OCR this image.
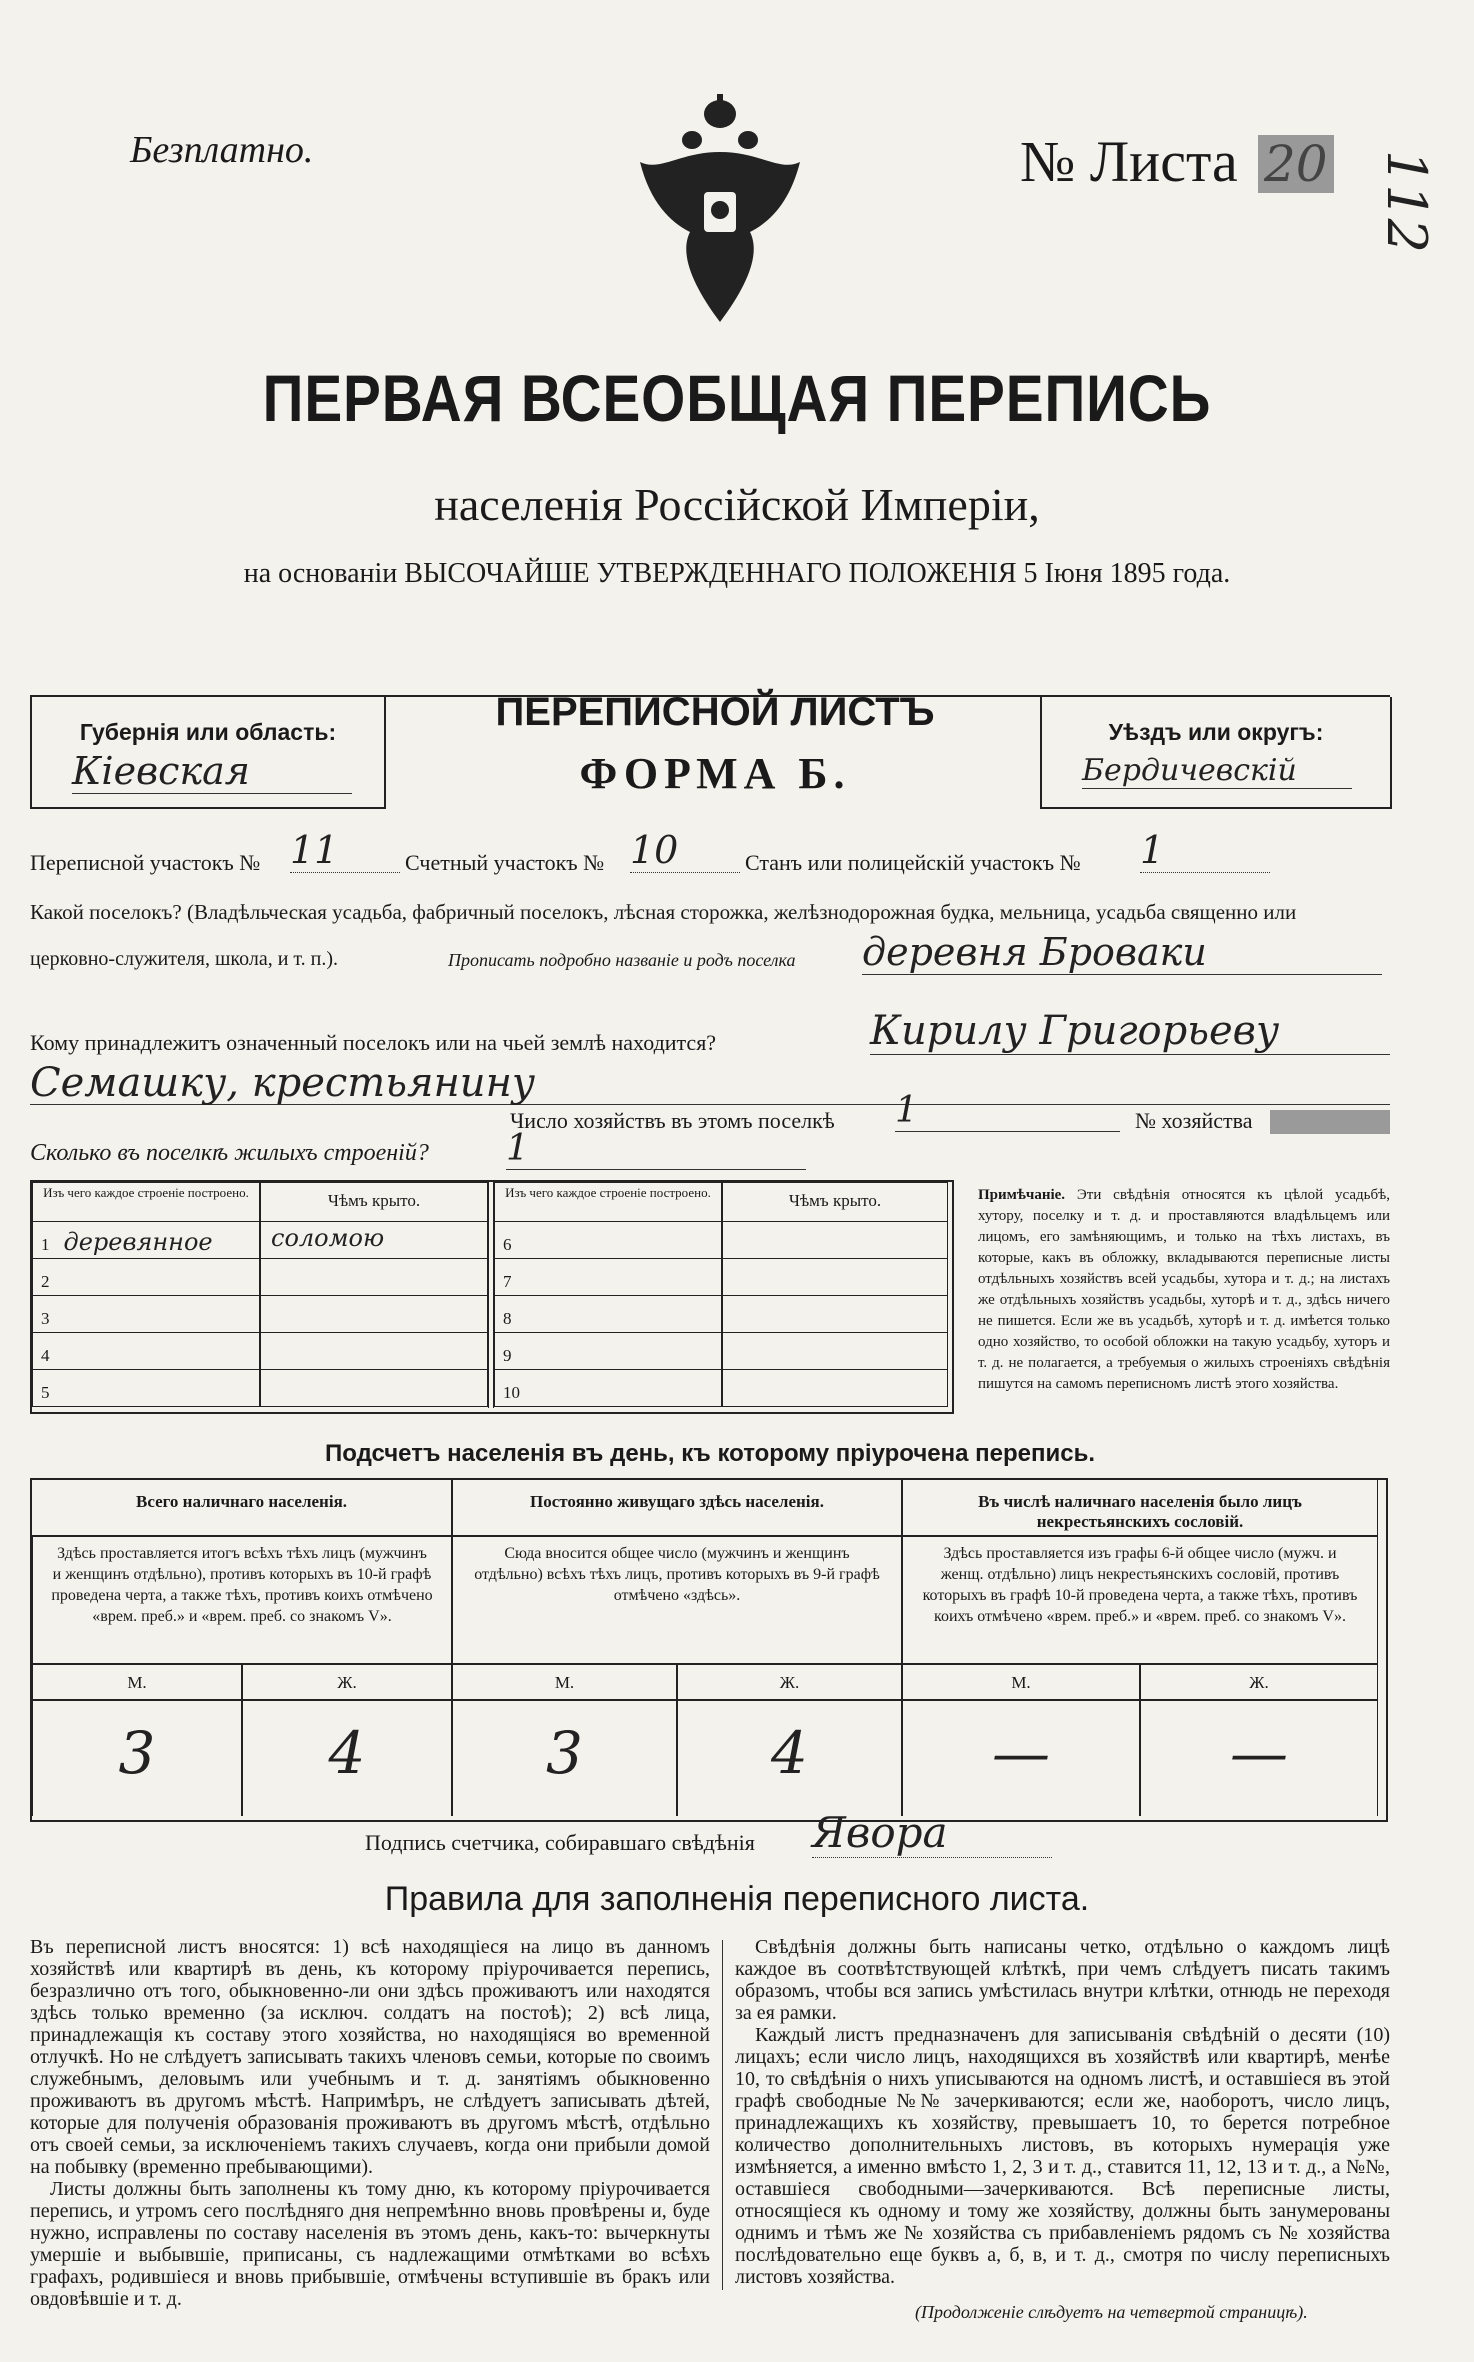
Безплатно.	№ Листа 20 112
ПЕРВАЯ ВСЕОБЩАЯ ПЕРЕПИСЬ
населенія Россійской Имперіи,
на основаніи ВЫСОЧАЙШЕ УТВЕРЖДЕННАГО ПОЛОЖЕНІЯ 5 Іюня 1895 года.
Губернія или область:
Кіевская
ПЕРЕПИСНОЙ ЛИСТЪ
ФОРМА Б.
Уѣздъ или округъ:
Бердичевскій
Переписной участокъ № 11	Счетный участокъ № 10	Станъ или полицейскій участокъ № 1
Какой поселокъ? (Владѣльческая усадьба, фабричный поселокъ, лѣсная сторожка, желѣзнодорожная будка, мельница, усадьба священно или
церковно-служителя, школа, и т. п.).	Прописать подробно названіе и родъ поселка деревня Броваки
Кому принадлежитъ означенный поселокъ или на чьей землѣ находится?	Кирилу Григорьеву
Семашку, крестьянину
Число хозяйствъ въ этомъ поселкѣ 1	№ хозяйства
Сколько въ поселкѣ жилыхъ строеній? 1
Изъ чего каждое строеніе построено.	Чѣмъ крыто.
1 деревянное	соломою
2
3
4
5
Изъ чего каждое строеніе построено.	Чѣмъ крыто.
6
7
8
9
10
Примѣчаніе. Эти свѣдѣнія относятся къ цѣлой усадьбѣ, хутору, поселку и т. д. и проставляются владѣльцемъ или лицомъ, его замѣняющимъ, и только на тѣхъ листахъ, въ которые, какъ въ обложку, вкладываются переписные листы отдѣльныхъ хозяйствъ всей усадьбы, хутора и т. д.; на листахъ же отдѣльныхъ хозяйствъ усадьбы, хуторѣ и т. д., здѣсь ничего не пишется. Если же въ усадьбѣ, хуторѣ и т. д. имѣется только одно хозяйство, то особой обложки на такую усадьбу, хуторъ и т. д. не полагается, а требуемыя о жилыхъ строеніяхъ свѣдѣнія пишутся на самомъ переписномъ листѣ этого хозяйства.
Подсчетъ населенія въ день, къ которому пріурочена перепись.
Всего наличнаго населенія.
Здѣсь проставляется итогъ всѣхъ тѣхъ лицъ (мужчинъ и женщинъ отдѣльно), противъ которыхъ въ 10-й графѣ проведена черта, а также тѣхъ, противъ коихъ отмѣчено «врем. преб.» и «врем. преб. со знакомъ V».
М.	Ж.
3	4
Постоянно живущаго здѣсь населенія.
Сюда вносится общее число (мужчинъ и женщинъ отдѣльно) всѣхъ тѣхъ лицъ, противъ которыхъ въ 9-й графѣ отмѣчено «здѣсь».
М.	Ж.
3	4
Въ числѣ наличнаго населенія было лицъ некрестьянскихъ сословій.
Здѣсь проставляется изъ графы 6-й общее число (мужч. и женщ. отдѣльно) лицъ некрестьянскихъ сословій, противъ которыхъ въ графѣ 10-й проведена черта, а также тѣхъ, противъ коихъ отмѣчено «врем. преб.» и «врем. преб. со знакомъ V».
М.	Ж.
—	—
Подпись счетчика, собиравшаго свѣдѣнія Явора
Правила для заполненія переписного листа.
Въ переписной листъ вносятся: 1) всѣ находящіеся на лицо въ данномъ хозяйствѣ или квартирѣ въ день, къ которому пріурочивается перепись, безразлично отъ того, обыкновенно-ли они здѣсь проживаютъ или находятся здѣсь только временно (за исключ. солдатъ на постоѣ); 2) всѣ лица, принадлежащія къ составу этого хозяйства, но находящіяся во временной отлучкѣ. Но не слѣдуетъ записывать такихъ членовъ семьи, которые по своимъ служебнымъ, деловымъ или учебнымъ и т. д. занятіямъ обыкновенно проживаютъ въ другомъ мѣстѣ. Напримѣръ, не слѣдуетъ записывать дѣтей, которые для полученія образованія проживаютъ въ другомъ мѣстѣ, отдѣльно отъ своей семьи, за исключеніемъ такихъ случаевъ, когда они прибыли домой на побывку (временно пребывающими).
Листы должны быть заполнены къ тому дню, къ которому пріурочивается перепись, и утромъ сего послѣдняго дня непремѣнно вновь провѣрены и, буде нужно, исправлены по составу населенія въ этомъ день, какъ-то: вычеркнуты умершіе и выбывшіе, приписаны, съ надлежащими отмѣтками во всѣхъ графахъ, родившіеся и вновь прибывшіе, отмѣчены вступившіе въ бракъ или овдовѣвшіе и т. д.
Свѣдѣнія должны быть написаны четко, отдѣльно о каждомъ лицѣ каждое въ соотвѣтствующей клѣткѣ, при чемъ слѣдуетъ писать такимъ образомъ, чтобы вся запись умѣстилась внутри клѣтки, отнюдь не переходя за ея рамки.
Каждый листъ предназначенъ для записыванія свѣдѣній о десяти (10) лицахъ; если число лицъ, находящихся въ хозяйствѣ или квартирѣ, менѣе 10, то свѣдѣнія о нихъ уписываются на одномъ листѣ, и оставшіеся въ этой графѣ свободные №№ зачеркиваются; если же, наоборотъ, число лицъ, принадлежащихъ къ хозяйству, превышаетъ 10, то берется потребное количество дополнительныхъ листовъ, въ которыхъ нумерація уже измѣняется, а именно вмѣсто 1, 2, 3 и т. д., ставится 11, 12, 13 и т. д., а №№, оставшіеся свободными—зачеркиваются. Всѣ переписные листы, относящіеся къ одному и тому же хозяйству, должны быть занумерованы однимъ и тѣмъ же № хозяйства съ прибавленіемъ рядомъ съ № хозяйства послѣдовательно еще буквъ а, б, в, и т. д., смотря по числу переписныхъ листовъ хозяйства.
(Продолженіе слѣдуетъ на четвертой страницѣ).
